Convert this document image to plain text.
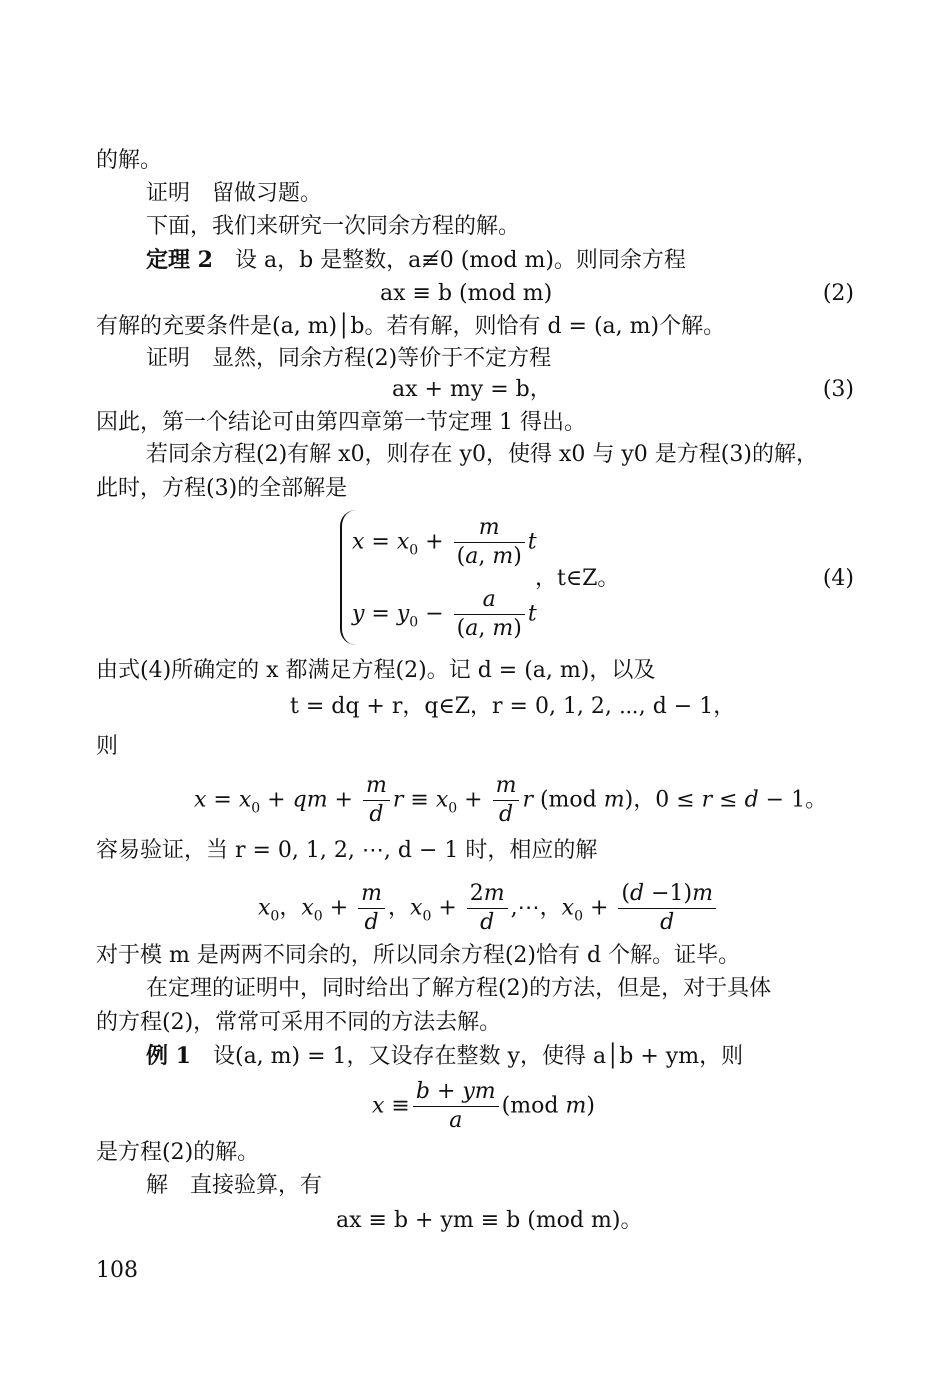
的解。
证明　留做习题。
下面，我们来研究一次同余方程的解。
定理 2　 设 a，b 是整数，a≢0 (mod m)。则同余方程
ax ≡ b (mod m)	(2)
有解的充要条件是(a, m)│b。若有解，则恰有 d = (a, m)个解。
证明　显然，同余方程(2)等价于不定方程
ax + my = b，	(3)
因此，第一个结论可由第四章第一节定理 1 得出。
若同余方程(2)有解 x0，则存在 y0，使得 x0 与 y0 是方程(3)的解，
此时，方程(3)的全部解是
$x = x_0 + \frac{m}{(a, m)}$ t
$y = y_0 - \frac{a}{(a, m)}$ t
，t∈Z。	(4)
由式(4)所确定的 x 都满足方程(2)。记 d = (a, m)，以及
t = dq + r，q∈Z，r = 0, 1, 2, ⋯, d − 1，
则
$x = x_0$ + qm + $\frac{m}{d}$ $r \equiv x_0 + \frac{m}{d}$ r (mod m)，0 ≤ r ≤ d − 1。
容易验证，当 r = 0, 1, 2, ⋯, d − 1 时，相应的解
$x_0$，$x_0 + \frac{m}{d}$ ，$x_0 + \frac{2m}{d}$ ,⋯，$x_0 + \frac{(d -1)m}{d}$
对于模 m 是两两不同余的，所以同余方程(2)恰有 d 个解。证毕。
在定理的证明中，同时给出了解方程(2)的方法，但是，对于具体
的方程(2)，常常可采用不同的方法去解。
例 1　 设(a, m) = 1，又设存在整数 y，使得 a│b + ym，则
$x \equiv \frac{b + ym}{a} (mod$ m)
是方程(2)的解。
解　直接验算，有
ax ≡ b + ym ≡ b (mod m)。
108
